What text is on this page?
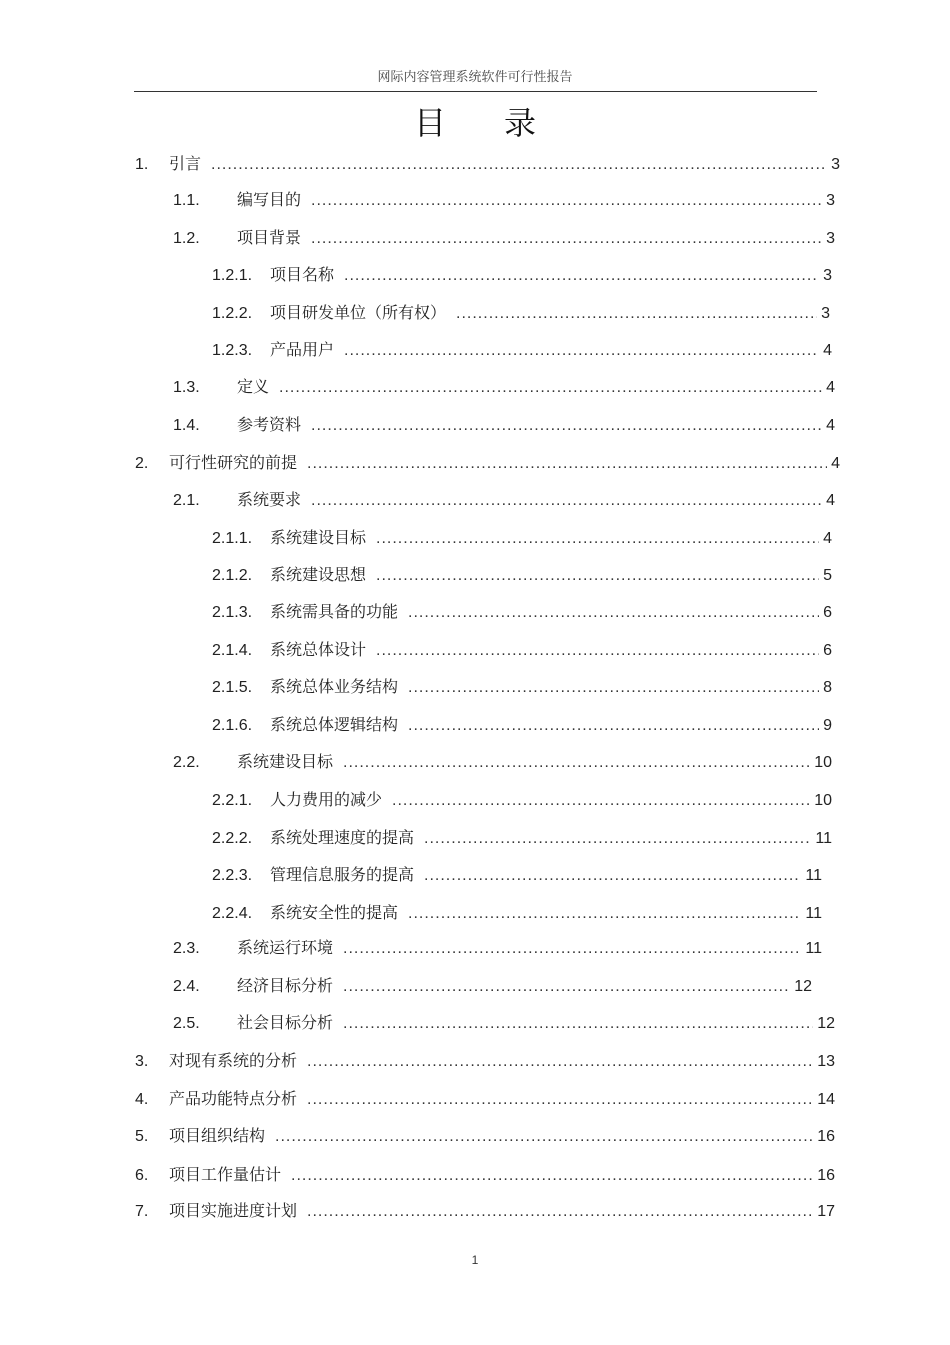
网际内容管理系统软件可行性报告
目 录
1.	引言 .....	3
1.1.	编写目的 .....	3
1.2.	项目背景 .....	3
1.2.1.	项目名称 .....	3
1.2.2.	项目研发单位（所有权） .....	3
1.2.3.	产品用户 .....	4
1.3.	定义 .....	4
1.4.	参考资料 .....	4
2.	可行性研究的前提 .....	4
2.1.	系统要求 .....	4
2.1.1.	系统建设目标 .....	4
2.1.2.	系统建设思想 .....	5
2.1.3.	系统需具备的功能 .....	6
2.1.4.	系统总体设计 .....	6
2.1.5.	系统总体业务结构 .....	8
2.1.6.	系统总体逻辑结构 .....	9
2.2.	系统建设目标 .....	10
2.2.1.	人力费用的减少 .....	10
2.2.2.	系统处理速度的提高 .....	11
2.2.3.	管理信息服务的提高 .....	11
2.2.4.	系统安全性的提高 .....	11
2.3.	系统运行环境 .....	11
2.4.	经济目标分析 .....	12
2.5.	社会目标分析 .....	12
3.	对现有系统的分析 .....	13
4.	产品功能特点分析 .....	14
5.	项目组织结构 .....	16
6.	项目工作量估计 .....	16
7.	项目实施进度计划 .....	17
1
